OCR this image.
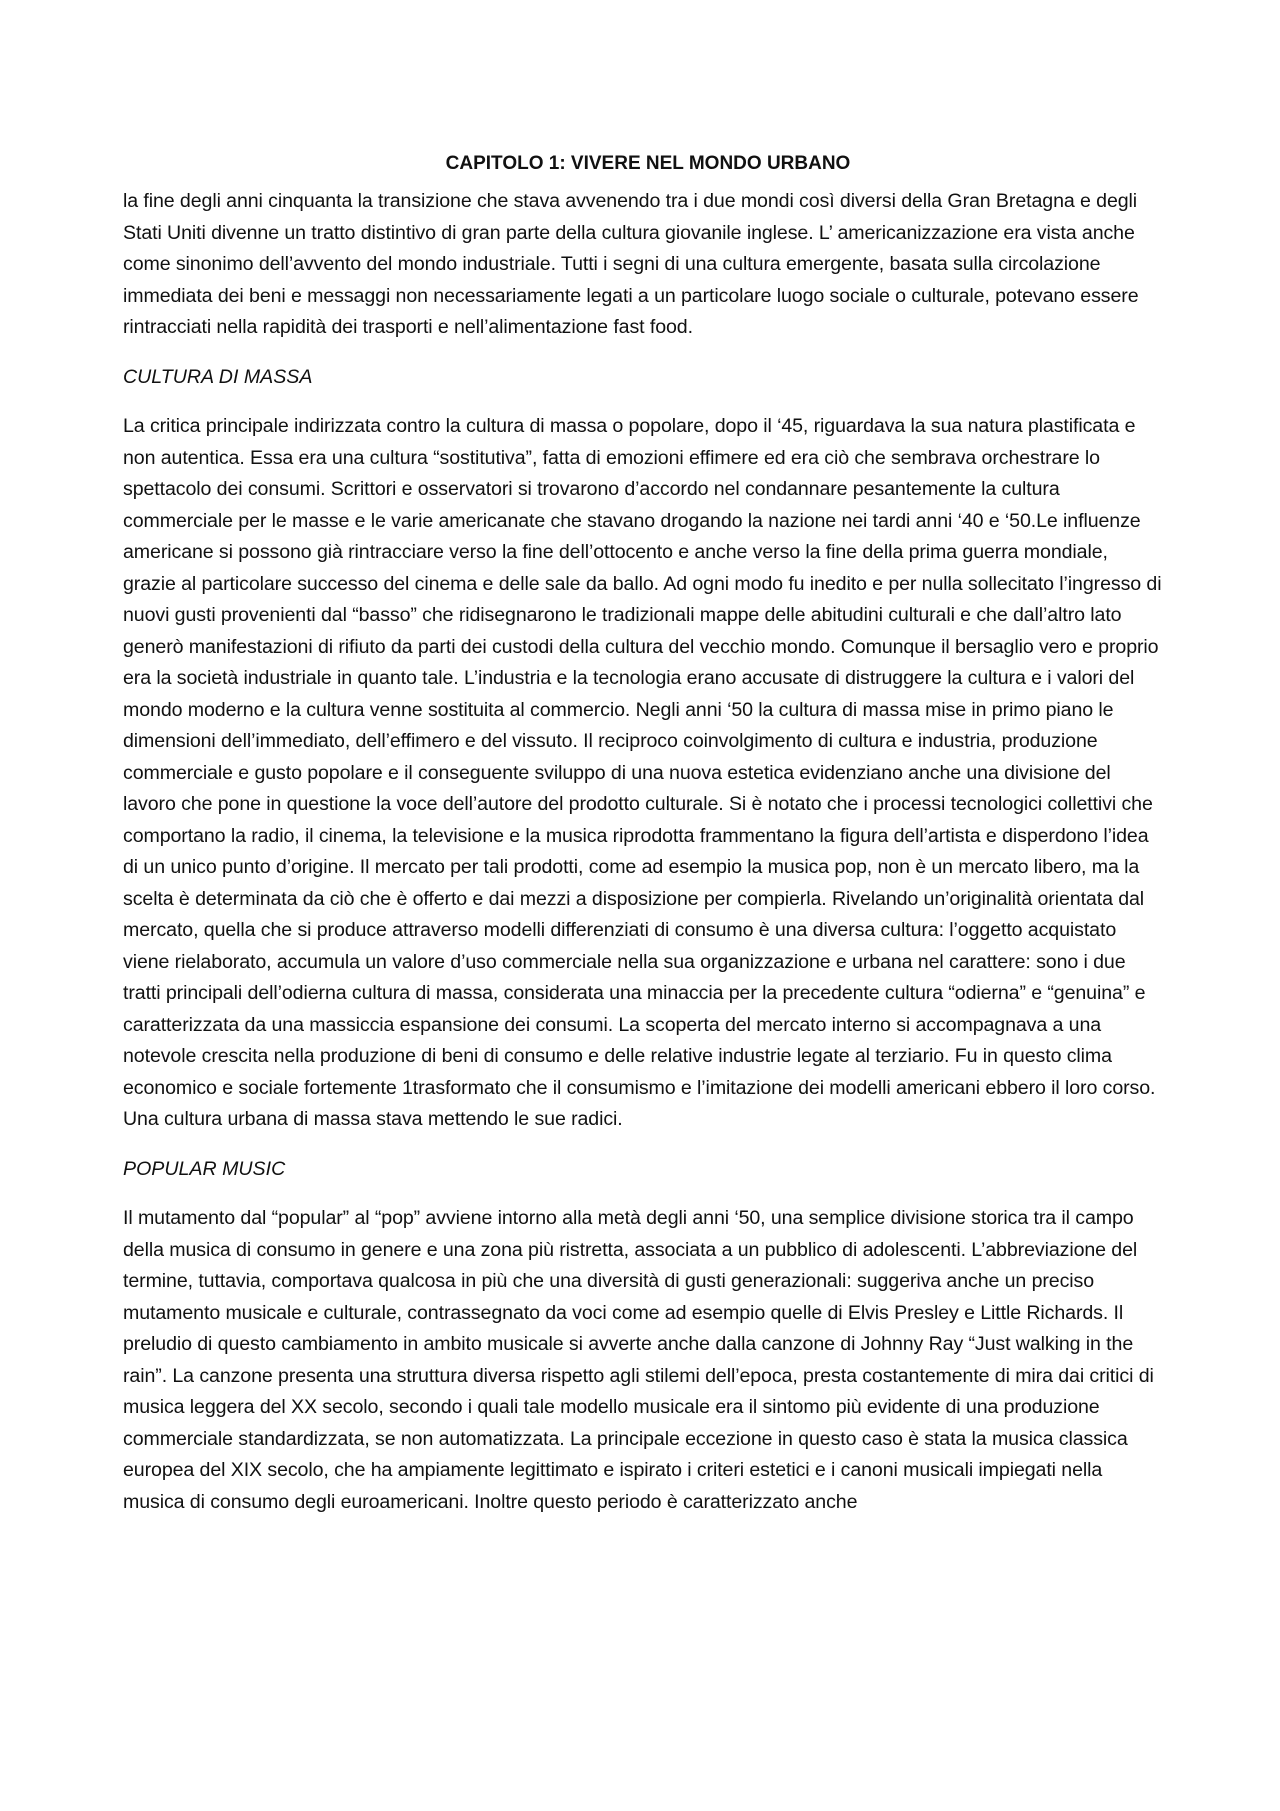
CAPITOLO 1: VIVERE NEL MONDO URBANO

la fine degli anni cinquanta la transizione che stava avvenendo tra i due mondi così diversi della Gran Bretagna e degli Stati Uniti divenne un tratto distintivo di gran parte della cultura giovanile inglese. L’ americanizzazione era vista anche come sinonimo dell’avvento del mondo industriale. Tutti i segni di una cultura emergente, basata sulla circolazione immediata dei beni e messaggi non necessariamente legati a un particolare luogo sociale o culturale, potevano essere rintracciati nella rapidità dei trasporti e nell’alimentazione fast food.

CULTURA DI MASSA

La critica principale indirizzata contro la cultura di massa o popolare, dopo il ‘45, riguardava la sua natura plastificata e non autentica. Essa era una cultura “sostitutiva”, fatta di emozioni effimere ed era ciò che sembrava orchestrare lo spettacolo dei consumi. Scrittori e osservatori si trovarono d’accordo nel condannare pesantemente la cultura commerciale per le masse e le varie americanate che stavano drogando la nazione nei tardi anni ‘40 e ‘50.Le influenze americane si possono già rintracciare verso la fine dell’ottocento e anche verso la fine della prima guerra mondiale, grazie al particolare successo del cinema e delle sale da ballo. Ad ogni modo fu inedito e per nulla sollecitato l’ingresso di nuovi gusti provenienti dal “basso” che ridisegnarono le tradizionali mappe delle abitudini culturali e che dall’altro lato generò manifestazioni di rifiuto da parti dei custodi della cultura del vecchio mondo. Comunque il bersaglio vero e proprio era la società industriale in quanto tale. L’industria e la tecnologia erano accusate di distruggere la cultura e i valori del mondo moderno e la cultura venne sostituita al commercio. Negli anni ‘50 la cultura di massa mise in primo piano le dimensioni dell’immediato, dell’effimero e del vissuto. Il reciproco coinvolgimento di cultura e industria, produzione commerciale e gusto popolare e il conseguente sviluppo di una nuova estetica evidenziano anche una divisione del lavoro che pone in questione la voce dell’autore del prodotto culturale. Si è notato che i processi tecnologici collettivi che comportano la radio, il cinema, la televisione e la musica riprodotta frammentano la figura dell’artista e disperdono l’idea di un unico punto d’origine. Il mercato per tali prodotti, come ad esempio la musica pop, non è un mercato libero, ma la scelta è determinata da ciò che è offerto e dai mezzi a disposizione per compierla. Rivelando un’originalità orientata dal mercato, quella che si produce attraverso modelli differenziati di consumo è una diversa cultura: l’oggetto acquistato viene rielaborato, accumula un valore d’uso commerciale nella sua organizzazione e urbana nel carattere: sono i due tratti principali dell’odierna cultura di massa, considerata una minaccia per la precedente cultura “odierna” e “genuina” e caratterizzata da una massiccia espansione dei consumi. La scoperta del mercato interno si accompagnava a una notevole crescita nella produzione di beni di consumo e delle relative industrie legate al terziario. Fu in questo clima economico e sociale fortemente 1trasformato che il consumismo e l’imitazione dei modelli americani ebbero il loro corso. Una cultura urbana di massa stava mettendo le sue radici.

POPULAR MUSIC

Il mutamento dal “popular” al “pop” avviene intorno alla metà degli anni ‘50, una semplice divisione storica tra il campo della musica di consumo in genere e una zona più ristretta, associata a un pubblico di adolescenti. L’abbreviazione del termine, tuttavia, comportava qualcosa in più che una diversità di gusti generazionali: suggeriva anche un preciso mutamento musicale e culturale, contrassegnato da voci come ad esempio quelle di Elvis Presley e Little Richards. Il preludio di questo cambiamento in ambito musicale si avverte anche dalla canzone di Johnny Ray “Just walking in the rain”. La canzone presenta una struttura diversa rispetto agli stilemi dell’epoca, presta costantemente di mira dai critici di musica leggera del XX secolo, secondo i quali tale modello musicale era il sintomo più evidente di una produzione commerciale standardizzata, se non automatizzata. La principale eccezione in questo caso è stata la musica classica europea del XIX secolo, che ha ampiamente legittimato e ispirato i criteri estetici e i canoni musicali impiegati nella musica di consumo degli euroamericani. Inoltre questo periodo è caratterizzato anche
